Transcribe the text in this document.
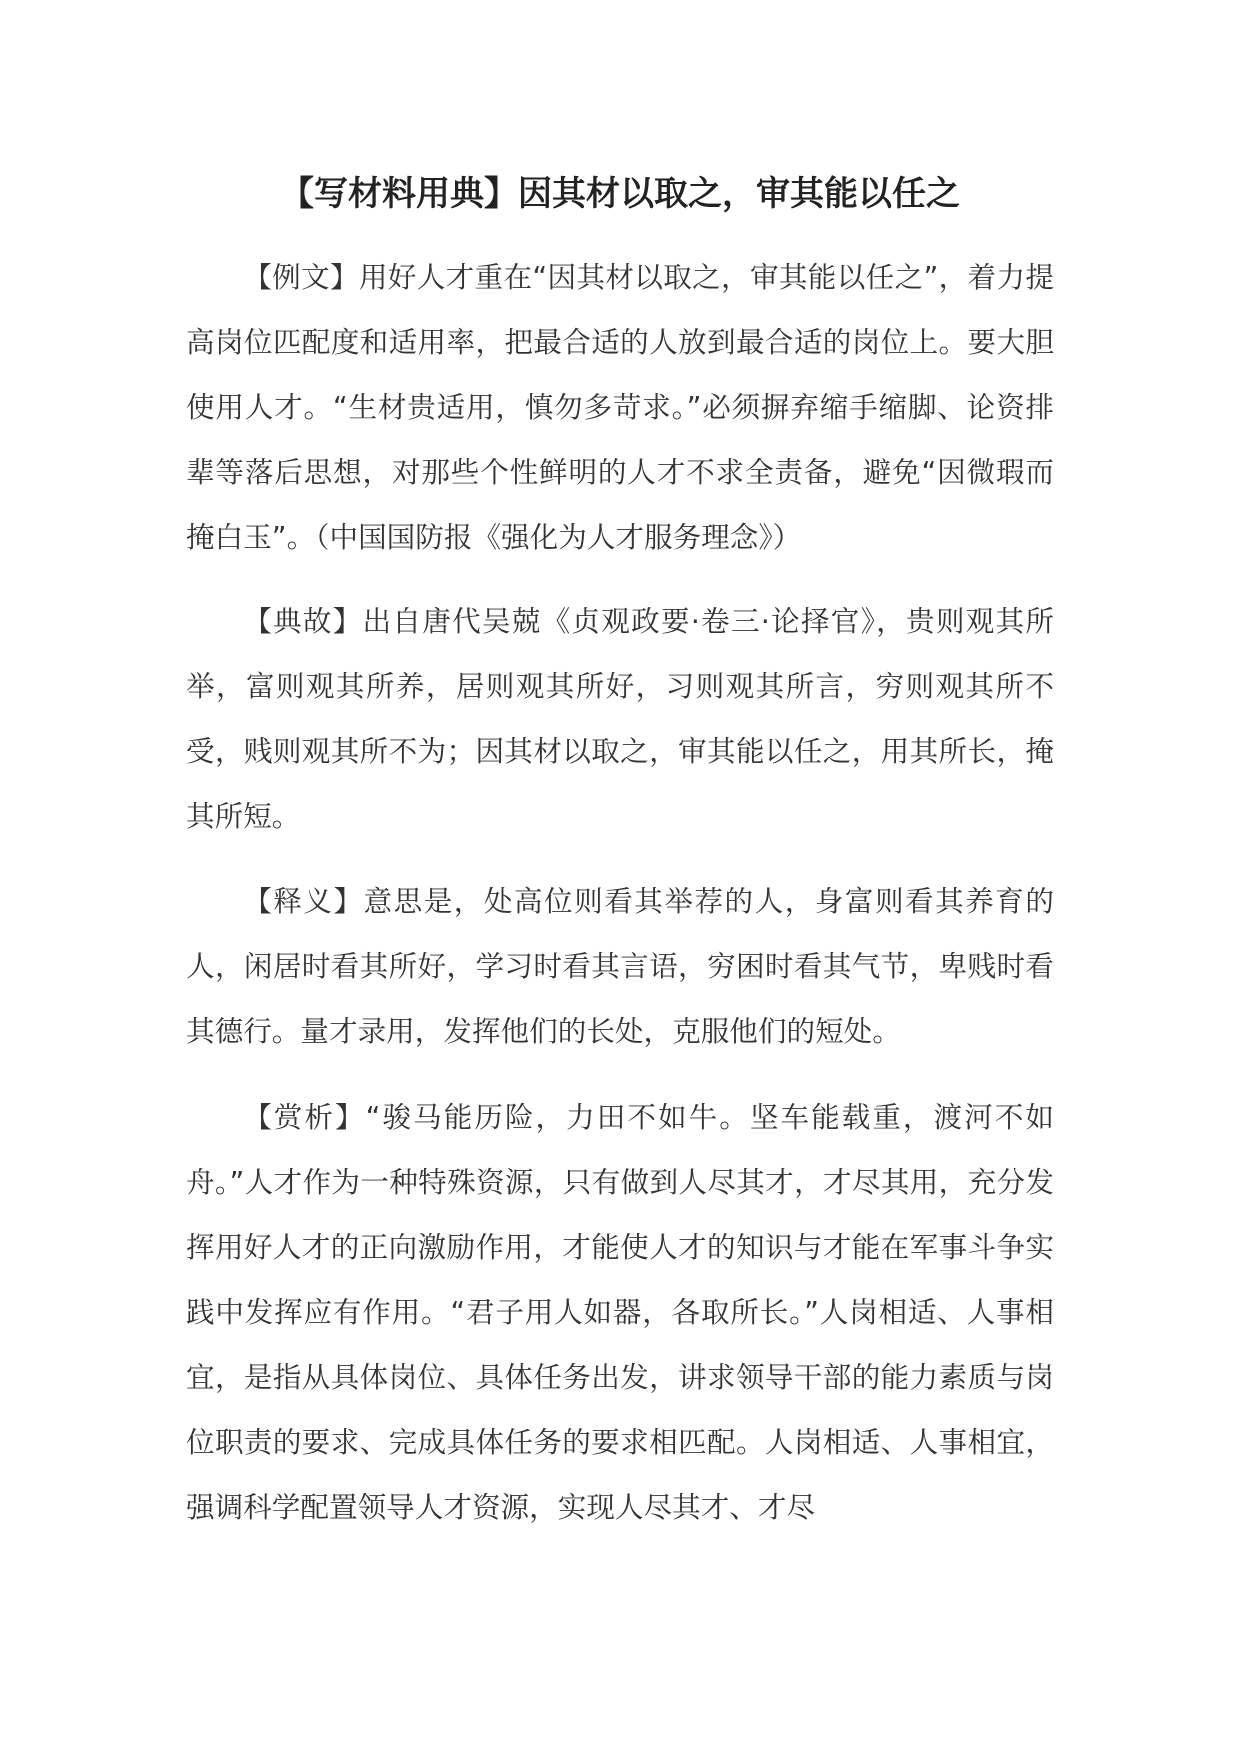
【写材料用典】因其材以取之，审其能以任之

【例文】用好人才重在“因其材以取之，审其能以任之”，着力提高岗位匹配度和适用率，把最合适的人放到最合适的岗位上。要大胆使用人才。“生材贵适用，慎勿多苛求。”必须摒弃缩手缩脚、论资排辈等落后思想，对那些个性鲜明的人才不求全责备，避免“因微瑕而掩白玉”。（中国国防报《强化为人才服务理念》）

【典故】出自唐代吴兢《贞观政要·卷三·论择官》，贵则观其所举，富则观其所养，居则观其所好，习则观其所言，穷则观其所不受，贱则观其所不为；因其材以取之，审其能以任之，用其所长，掩其所短。

【释义】意思是，处高位则看其举荐的人，身富则看其养育的人，闲居时看其所好，学习时看其言语，穷困时看其气节，卑贱时看其德行。量才录用，发挥他们的长处，克服他们的短处。

【赏析】“骏马能历险，力田不如牛。坚车能载重，渡河不如舟。”人才作为一种特殊资源，只有做到人尽其才，才尽其用，充分发挥用好人才的正向激励作用，才能使人才的知识与才能在军事斗争实践中发挥应有作用。“君子用人如器，各取所长。”人岗相适、人事相宜，是指从具体岗位、具体任务出发，讲求领导干部的能力素质与岗位职责的要求、完成具体任务的要求相匹配。人岗相适、人事相宜，强调科学配置领导人才资源，实现人尽其才、才尽
